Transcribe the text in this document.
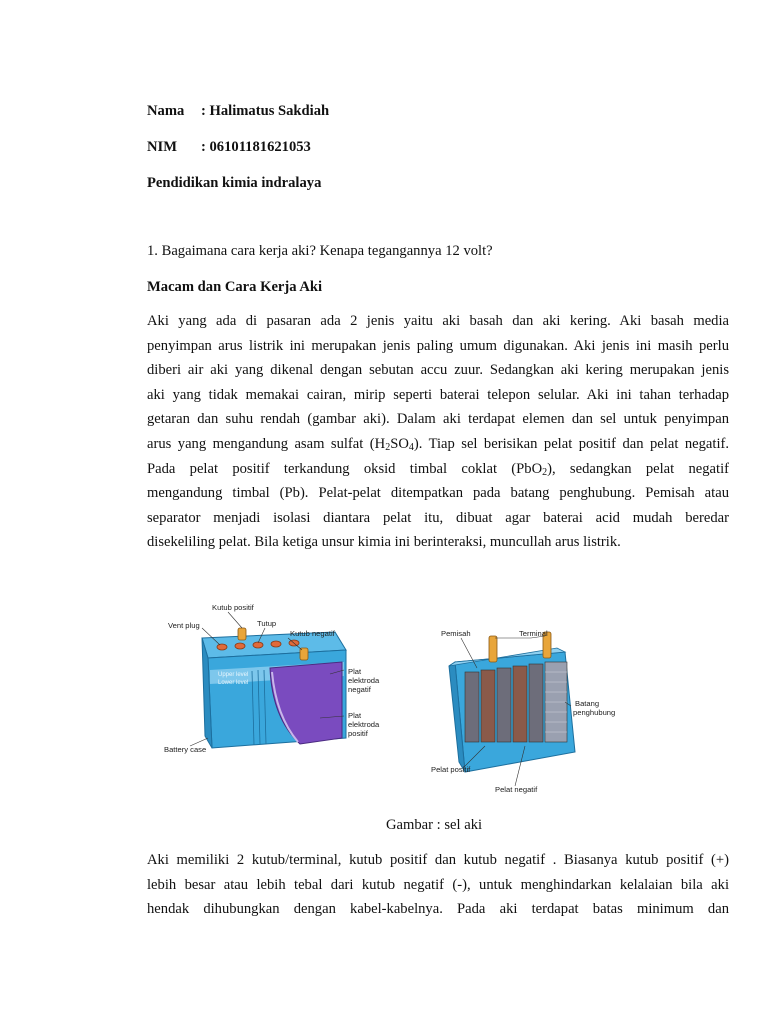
Nama : Halimatus Sakdiah
NIM : 06101181621053
Pendidikan kimia indralaya
1. Bagaimana cara kerja aki? Kenapa tegangannya 12 volt?
Macam dan Cara Kerja Aki
Aki yang ada di pasaran ada 2 jenis yaitu aki basah dan aki kering. Aki basah media
penyimpan arus listrik ini merupakan jenis paling umum digunakan. Aki jenis ini masih perlu
diberi air aki yang dikenal dengan sebutan accu zuur. Sedangkan aki kering merupakan jenis
aki yang tidak memakai cairan, mirip seperti baterai telepon selular. Aki ini tahan terhadap
getaran dan suhu rendah (gambar aki). Dalam aki terdapat elemen dan sel untuk penyimpan
arus yang mengandung asam sulfat $(H_2SO_4)$. Tiap sel berisikan pelat positif dan pelat negatif.
Pada pelat positif terkandung oksid timbal coklat (PbO$_2$), sedangkan pelat negatif
mengandung timbal (Pb). Pelat-pelat ditempatkan pada batang penghubung. Pemisah atau
separator menjadi isolasi diantara pelat itu, dibuat agar baterai acid mudah beredar
disekeliling pelat. Bila ketiga unsur kimia ini berinteraksi, muncullah arus listrik.
Kutub positif
Vent plug	Tutup
Kutub negatif
Upper level
Lower level
Plat
elektroda
negatif
Plat
elektroda
positif
Battery case
Pemisah	Terminal
Batang
penghubung
Pelat positif
Pelat negatif
Gambar : sel aki
Aki memiliki 2 kutub/terminal, kutub positif dan kutub negatif . Biasanya kutub positif (+)
lebih besar atau lebih tebal dari kutub negatif (-), untuk menghindarkan kelalaian bila aki
hendak dihubungkan dengan kabel-kabelnya. Pada aki terdapat batas minimum dan
